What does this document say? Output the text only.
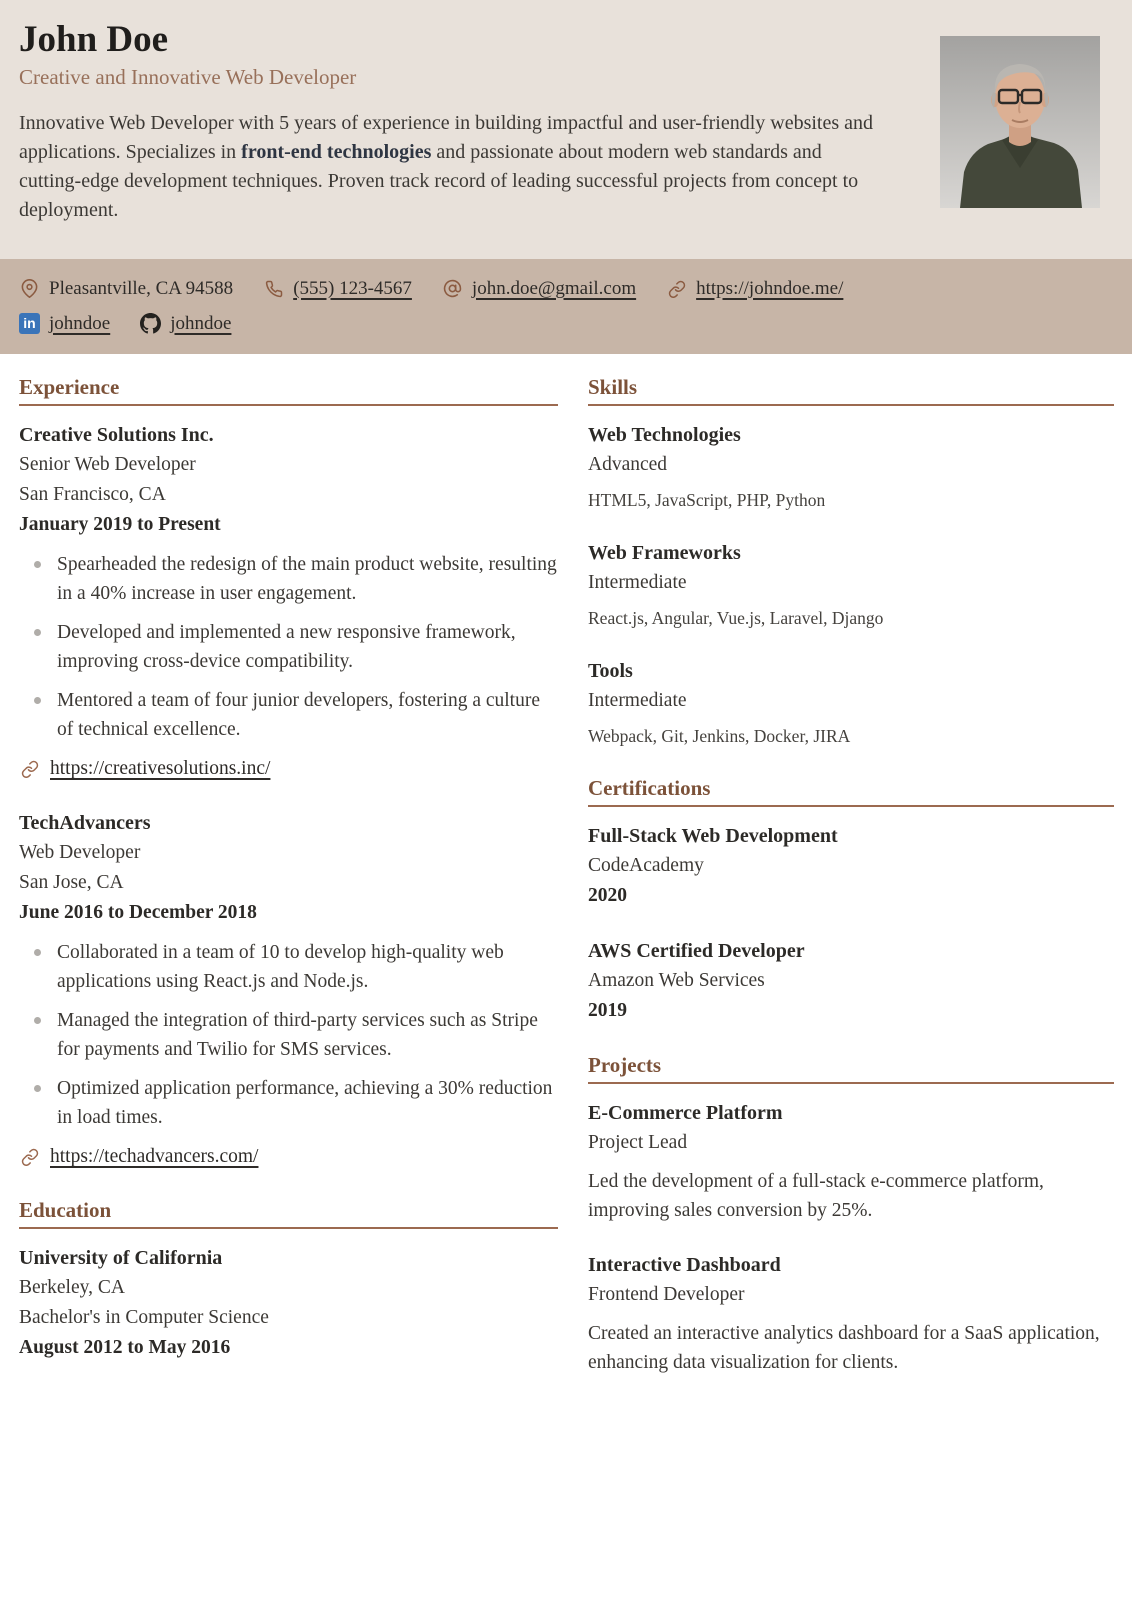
John Doe
Creative and Innovative Web Developer
Innovative Web Developer with 5 years of experience in building impactful and user-friendly websites and applications. Specializes in front-end technologies and passionate about modern web standards and cutting-edge development techniques. Proven track record of leading successful projects from concept to deployment.
Pleasantville, CA 94588	(555) 123-4567	john.doe@gmail.com	https://johndoe.me/
in johndoe	johndoe
Experience
Creative Solutions Inc.
Senior Web Developer
San Francisco, CA
January 2019 to Present
Spearheaded the redesign of the main product website, resulting in a 40% increase in user engagement.
Developed and implemented a new responsive framework, improving cross-device compatibility.
Mentored a team of four junior developers, fostering a culture of technical excellence.
https://creativesolutions.inc/
TechAdvancers
Web Developer
San Jose, CA
June 2016 to December 2018
Collaborated in a team of 10 to develop high-quality web applications using React.js and Node.js.
Managed the integration of third-party services such as Stripe for payments and Twilio for SMS services.
Optimized application performance, achieving a 30% reduction in load times.
https://techadvancers.com/
Education
University of California
Berkeley, CA
Bachelor's in Computer Science
August 2012 to May 2016
Skills
Web Technologies
Advanced
HTML5, JavaScript, PHP, Python
Web Frameworks
Intermediate
React.js, Angular, Vue.js, Laravel, Django
Tools
Intermediate
Webpack, Git, Jenkins, Docker, JIRA
Certifications
Full-Stack Web Development
CodeAcademy
2020
AWS Certified Developer
Amazon Web Services
2019
Projects
E-Commerce Platform
Project Lead
Led the development of a full-stack e-commerce platform, improving sales conversion by 25%.
Interactive Dashboard
Frontend Developer
Created an interactive analytics dashboard for a SaaS application, enhancing data visualization for clients.
